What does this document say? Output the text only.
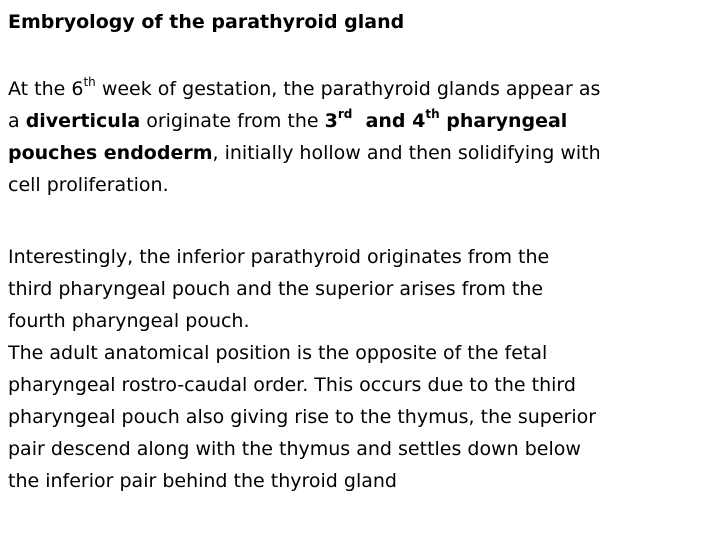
Embryology of the parathyroid gland
At the 6th week of gestation, the parathyroid glands appear as
a diverticula originate from the 3rd  and 4th pharyngeal
pouches endoderm, initially hollow and then solidifying with
cell proliferation.
Interestingly, the inferior parathyroid originates from the
third pharyngeal pouch and the superior arises from the
fourth pharyngeal pouch.
The adult anatomical position is the opposite of the fetal
pharyngeal rostro-caudal order. This occurs due to the third
pharyngeal pouch also giving rise to the thymus, the superior
pair descend along with the thymus and settles down below
the inferior pair behind the thyroid gland
